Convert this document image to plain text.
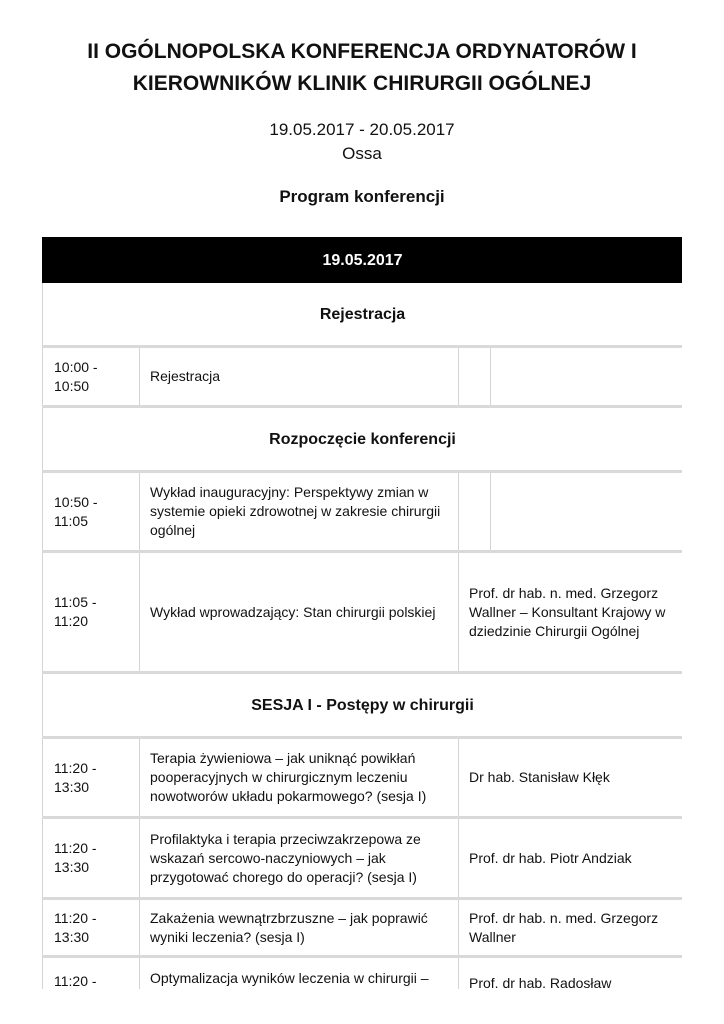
II OGÓLNOPOLSKA KONFERENCJA ORDYNATORÓW I
KIEROWNIKÓW KLINIK CHIRURGII OGÓLNEJ
19.05.2017 - 20.05.2017
Ossa
Program konferencji
19.05.2017			
Rejestracja			
10:00 - 10:50	Rejestracja		
Rozpoczęcie konferencji			
10:50 - 11:05	Wykład inauguracyjny: Perspektywy zmian w systemie opieki zdrowotnej w zakresie chirurgii ogólnej		
11:05 - 11:20	Wykład wprowadzający: Stan chirurgii polskiej	Prof. dr hab. n. med. Grzegorz Wallner – Konsultant Krajowy w dziedzinie Chirurgii Ogólnej	
SESJA I - Postępy w chirurgii			
11:20 - 13:30	Terapia żywieniowa – jak uniknąć powikłań pooperacyjnych w chirurgicznym leczeniu nowotworów układu pokarmowego? (sesja I)	Dr hab. Stanisław Kłęk	
11:20 - 13:30	Profilaktyka i terapia przeciwzakrzepowa ze wskazań sercowo-naczyniowych – jak przygotować chorego do operacji? (sesja I)	Prof. dr hab. Piotr Andziak	
11:20 - 13:30	Zakażenia wewnątrzbrzuszne – jak poprawić wyniki leczenia? (sesja I)	Prof. dr hab. n. med. Grzegorz Wallner	
11:20 -	Optymalizacja wyników leczenia w chirurgii –	Prof. dr hab. Radosław	
